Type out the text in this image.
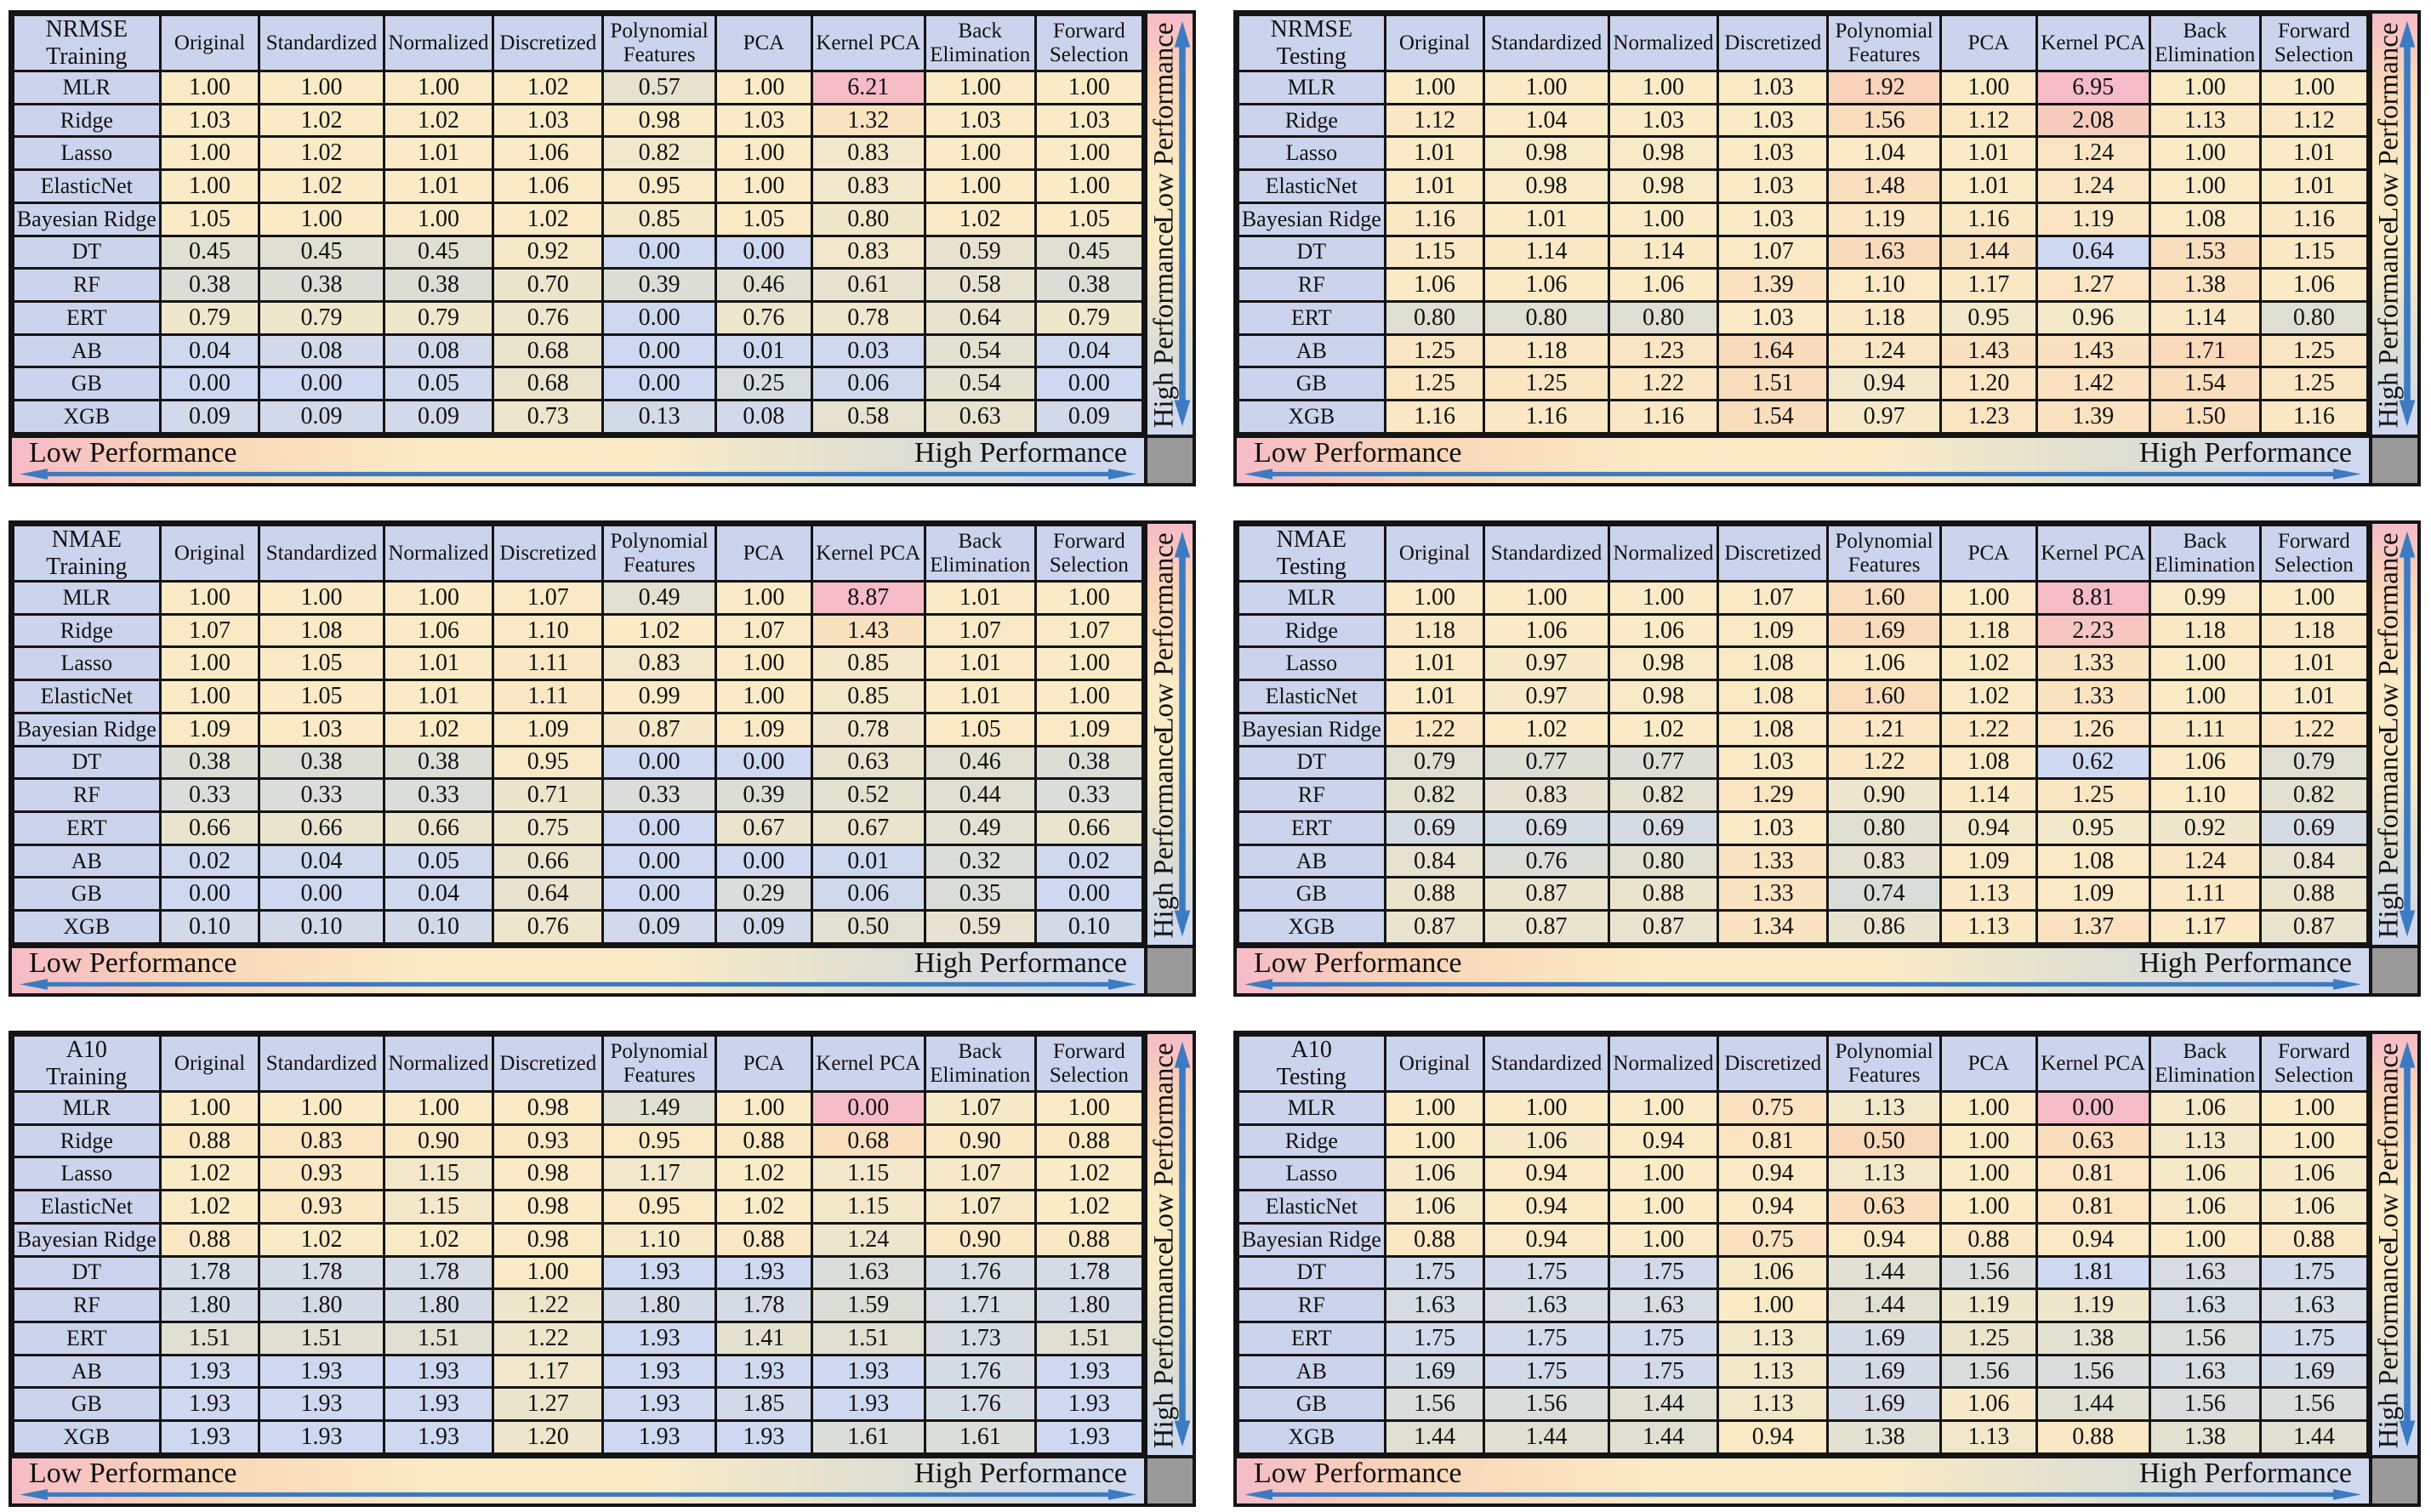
NRMSE
Training	Original	Standardized	Normalized	Discretized	Polynomial Features	PCA	Kernel PCA	Back Elimination	Forward Selection
MLR	1.00	1.00	1.00	1.02	0.57	1.00	6.21	1.00	1.00
Ridge	1.03	1.02	1.02	1.03	0.98	1.03	1.32	1.03	1.03
Lasso	1.00	1.02	1.01	1.06	0.82	1.00	0.83	1.00	1.00
ElasticNet	1.00	1.02	1.01	1.06	0.95	1.00	0.83	1.00	1.00
Bayesian Ridge	1.05	1.00	1.00	1.02	0.85	1.05	0.80	1.02	1.05
DT	0.45	0.45	0.45	0.92	0.00	0.00	0.83	0.59	0.45
RF	0.38	0.38	0.38	0.70	0.39	0.46	0.61	0.58	0.38
ERT	0.79	0.79	0.79	0.76	0.00	0.76	0.78	0.64	0.79
AB	0.04	0.08	0.08	0.68	0.00	0.01	0.03	0.54	0.04
GB	0.00	0.00	0.05	0.68	0.00	0.25	0.06	0.54	0.00
XGB	0.09	0.09	0.09	0.73	0.13	0.08	0.58	0.63	0.09
Low Performance	High Performance
Low Performance
High Performance
NRMSE
Testing	Original	Standardized	Normalized	Discretized	Polynomial Features	PCA	Kernel PCA	Back Elimination	Forward Selection
MLR	1.00	1.00	1.00	1.03	1.92	1.00	6.95	1.00	1.00
Ridge	1.12	1.04	1.03	1.03	1.56	1.12	2.08	1.13	1.12
Lasso	1.01	0.98	0.98	1.03	1.04	1.01	1.24	1.00	1.01
ElasticNet	1.01	0.98	0.98	1.03	1.48	1.01	1.24	1.00	1.01
Bayesian Ridge	1.16	1.01	1.00	1.03	1.19	1.16	1.19	1.08	1.16
DT	1.15	1.14	1.14	1.07	1.63	1.44	0.64	1.53	1.15
RF	1.06	1.06	1.06	1.39	1.10	1.17	1.27	1.38	1.06
ERT	0.80	0.80	0.80	1.03	1.18	0.95	0.96	1.14	0.80
AB	1.25	1.18	1.23	1.64	1.24	1.43	1.43	1.71	1.25
GB	1.25	1.25	1.22	1.51	0.94	1.20	1.42	1.54	1.25
XGB	1.16	1.16	1.16	1.54	0.97	1.23	1.39	1.50	1.16
Low Performance	High Performance
Low Performance
High Performance
NMAE
Training	Original	Standardized	Normalized	Discretized	Polynomial Features	PCA	Kernel PCA	Back Elimination	Forward Selection
MLR	1.00	1.00	1.00	1.07	0.49	1.00	8.87	1.01	1.00
Ridge	1.07	1.08	1.06	1.10	1.02	1.07	1.43	1.07	1.07
Lasso	1.00	1.05	1.01	1.11	0.83	1.00	0.85	1.01	1.00
ElasticNet	1.00	1.05	1.01	1.11	0.99	1.00	0.85	1.01	1.00
Bayesian Ridge	1.09	1.03	1.02	1.09	0.87	1.09	0.78	1.05	1.09
DT	0.38	0.38	0.38	0.95	0.00	0.00	0.63	0.46	0.38
RF	0.33	0.33	0.33	0.71	0.33	0.39	0.52	0.44	0.33
ERT	0.66	0.66	0.66	0.75	0.00	0.67	0.67	0.49	0.66
AB	0.02	0.04	0.05	0.66	0.00	0.00	0.01	0.32	0.02
GB	0.00	0.00	0.04	0.64	0.00	0.29	0.06	0.35	0.00
XGB	0.10	0.10	0.10	0.76	0.09	0.09	0.50	0.59	0.10
Low Performance	High Performance
Low Performance
High Performance
NMAE
Testing	Original	Standardized	Normalized	Discretized	Polynomial Features	PCA	Kernel PCA	Back Elimination	Forward Selection
MLR	1.00	1.00	1.00	1.07	1.60	1.00	8.81	0.99	1.00
Ridge	1.18	1.06	1.06	1.09	1.69	1.18	2.23	1.18	1.18
Lasso	1.01	0.97	0.98	1.08	1.06	1.02	1.33	1.00	1.01
ElasticNet	1.01	0.97	0.98	1.08	1.60	1.02	1.33	1.00	1.01
Bayesian Ridge	1.22	1.02	1.02	1.08	1.21	1.22	1.26	1.11	1.22
DT	0.79	0.77	0.77	1.03	1.22	1.08	0.62	1.06	0.79
RF	0.82	0.83	0.82	1.29	0.90	1.14	1.25	1.10	0.82
ERT	0.69	0.69	0.69	1.03	0.80	0.94	0.95	0.92	0.69
AB	0.84	0.76	0.80	1.33	0.83	1.09	1.08	1.24	0.84
GB	0.88	0.87	0.88	1.33	0.74	1.13	1.09	1.11	0.88
XGB	0.87	0.87	0.87	1.34	0.86	1.13	1.37	1.17	0.87
Low Performance	High Performance
Low Performance
High Performance
A10
Training	Original	Standardized	Normalized	Discretized	Polynomial Features	PCA	Kernel PCA	Back Elimination	Forward Selection
MLR	1.00	1.00	1.00	0.98	1.49	1.00	0.00	1.07	1.00
Ridge	0.88	0.83	0.90	0.93	0.95	0.88	0.68	0.90	0.88
Lasso	1.02	0.93	1.15	0.98	1.17	1.02	1.15	1.07	1.02
ElasticNet	1.02	0.93	1.15	0.98	0.95	1.02	1.15	1.07	1.02
Bayesian Ridge	0.88	1.02	1.02	0.98	1.10	0.88	1.24	0.90	0.88
DT	1.78	1.78	1.78	1.00	1.93	1.93	1.63	1.76	1.78
RF	1.80	1.80	1.80	1.22	1.80	1.78	1.59	1.71	1.80
ERT	1.51	1.51	1.51	1.22	1.93	1.41	1.51	1.73	1.51
AB	1.93	1.93	1.93	1.17	1.93	1.93	1.93	1.76	1.93
GB	1.93	1.93	1.93	1.27	1.93	1.85	1.93	1.76	1.93
XGB	1.93	1.93	1.93	1.20	1.93	1.93	1.61	1.61	1.93
Low Performance	High Performance
Low Performance
High Performance
A10
Testing	Original	Standardized	Normalized	Discretized	Polynomial Features	PCA	Kernel PCA	Back Elimination	Forward Selection
MLR	1.00	1.00	1.00	0.75	1.13	1.00	0.00	1.06	1.00
Ridge	1.00	1.06	0.94	0.81	0.50	1.00	0.63	1.13	1.00
Lasso	1.06	0.94	1.00	0.94	1.13	1.00	0.81	1.06	1.06
ElasticNet	1.06	0.94	1.00	0.94	0.63	1.00	0.81	1.06	1.06
Bayesian Ridge	0.88	0.94	1.00	0.75	0.94	0.88	0.94	1.00	0.88
DT	1.75	1.75	1.75	1.06	1.44	1.56	1.81	1.63	1.75
RF	1.63	1.63	1.63	1.00	1.44	1.19	1.19	1.63	1.63
ERT	1.75	1.75	1.75	1.13	1.69	1.25	1.38	1.56	1.75
AB	1.69	1.75	1.75	1.13	1.69	1.56	1.56	1.63	1.69
GB	1.56	1.56	1.44	1.13	1.69	1.06	1.44	1.56	1.56
XGB	1.44	1.44	1.44	0.94	1.38	1.13	0.88	1.38	1.44
Low Performance	High Performance
Low Performance
High Performance
